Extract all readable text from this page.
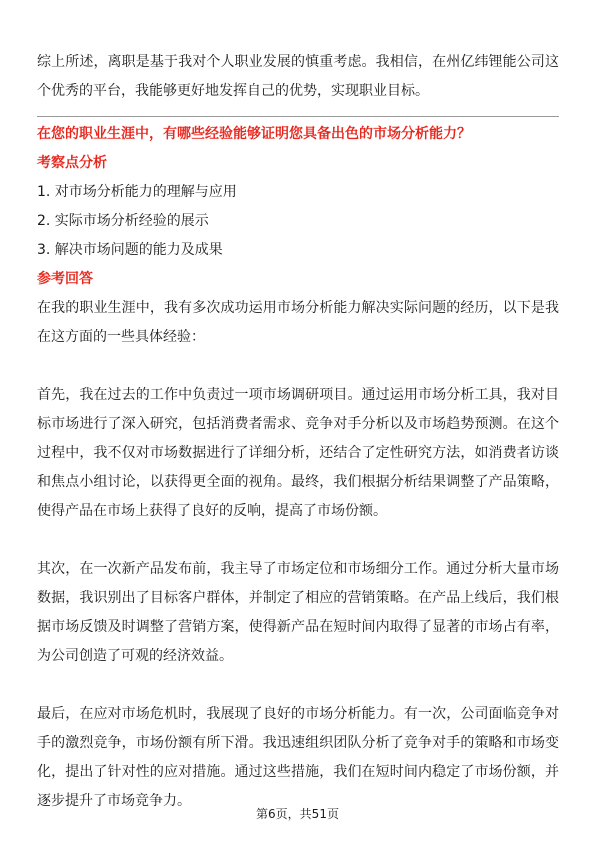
综上所述，离职是基于我对个人职业发展的慎重考虑。我相信，在州亿纬锂能公司这个优秀的平台，我能够更好地发挥自己的优势，实现职业目标。

在您的职业生涯中，有哪些经验能够证明您具备出色的市场分析能力？

考察点分析

1. 对市场分析能力的理解与应用
2. 实际市场分析经验的展示
3. 解决市场问题的能力及成果

参考回答

在我的职业生涯中，我有多次成功运用市场分析能力解决实际问题的经历，以下是我在这方面的一些具体经验：

首先，我在过去的工作中负责过一项市场调研项目。通过运用市场分析工具，我对目标市场进行了深入研究，包括消费者需求、竞争对手分析以及市场趋势预测。在这个过程中，我不仅对市场数据进行了详细分析，还结合了定性研究方法，如消费者访谈和焦点小组讨论，以获得更全面的视角。最终，我们根据分析结果调整了产品策略，使得产品在市场上获得了良好的反响，提高了市场份额。

其次，在一次新产品发布前，我主导了市场定位和市场细分工作。通过分析大量市场数据，我识别出了目标客户群体，并制定了相应的营销策略。在产品上线后，我们根据市场反馈及时调整了营销方案，使得新产品在短时间内取得了显著的市场占有率，为公司创造了可观的经济效益。

最后，在应对市场危机时，我展现了良好的市场分析能力。有一次，公司面临竞争对手的激烈竞争，市场份额有所下滑。我迅速组织团队分析了竞争对手的策略和市场变化，提出了针对性的应对措施。通过这些措施，我们在短时间内稳定了市场份额，并逐步提升了市场竞争力。

第6页，共51页
